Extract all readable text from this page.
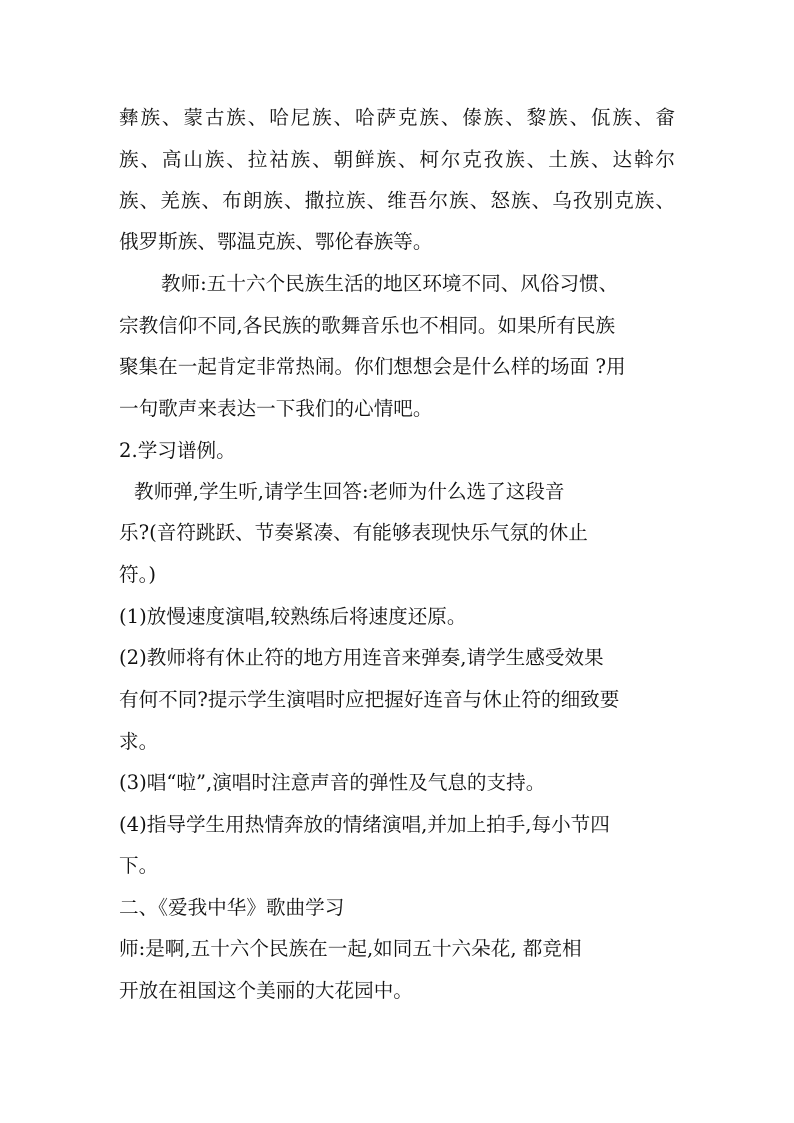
彝族、蒙古族、哈尼族、哈萨克族、傣族、黎族、佤族、畲
族、高山族、拉祜族、朝鲜族、柯尔克孜族、土族、达斡尔
族、羌族、布朗族、撒拉族、维吾尔族、怒族、乌孜别克族、
俄罗斯族、鄂温克族、鄂伦春族等。
教师:五十六个民族生活的地区环境不同、风俗习惯、
宗教信仰不同,各民族的歌舞音乐也不相同。如果所有民族
聚集在一起肯定非常热闹。你们想想会是什么样的场面 ?用
一句歌声来表达一下我们的心情吧。
2.学习谱例。
教师弹,学生听,请学生回答:老师为什么选了这段音
乐?(音符跳跃、节奏紧凑、有能够表现快乐气氛的休止
符。)
(1)放慢速度演唱,较熟练后将速度还原。
(2)教师将有休止符的地方用连音来弹奏,请学生感受效果
有何不同?提示学生演唱时应把握好连音与休止符的细致要
求。
(3)唱“啦”,演唱时注意声音的弹性及气息的支持。
(4)指导学生用热情奔放的情绪演唱,并加上拍手,每小节四
下。
二、《爱我中华》歌曲学习
师:是啊,五十六个民族在一起,如同五十六朵花, 都竞相
开放在祖国这个美丽的大花园中。
